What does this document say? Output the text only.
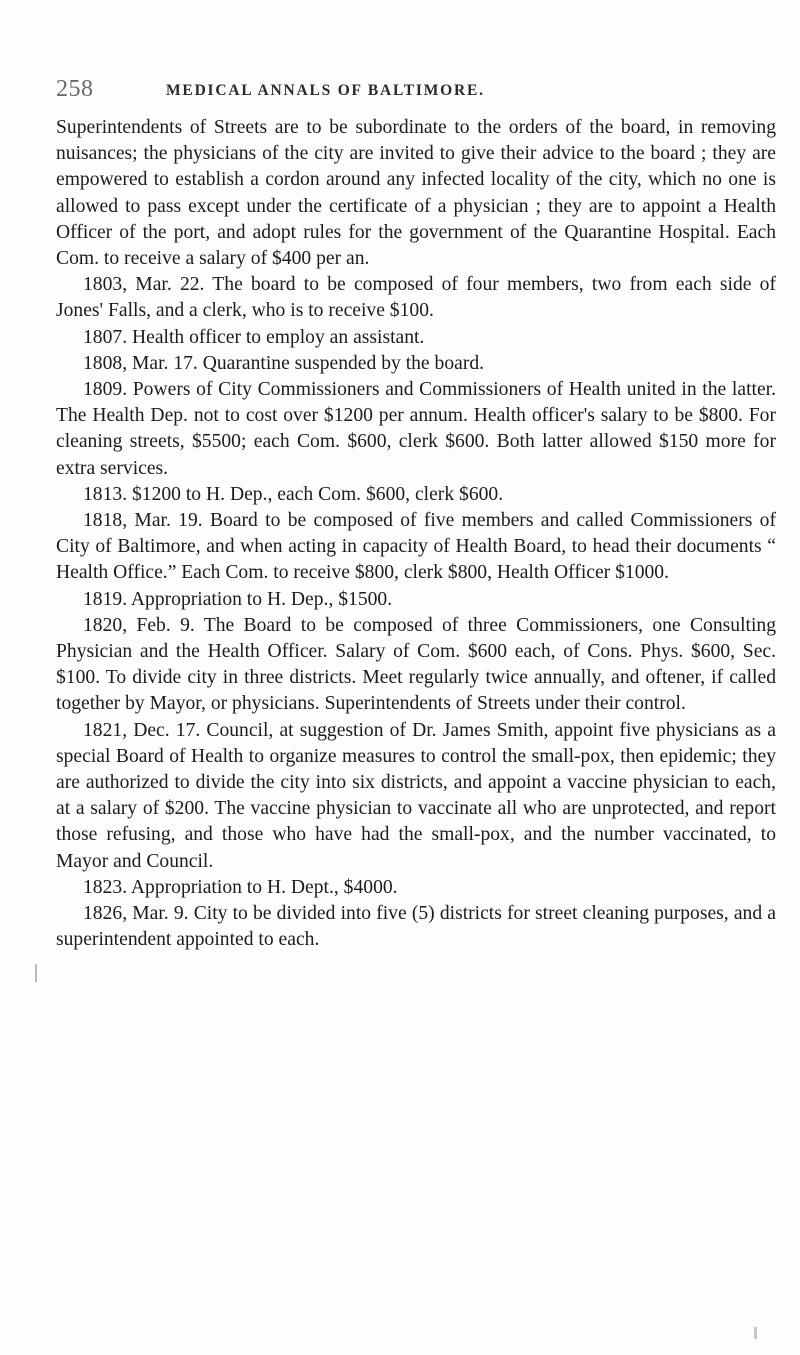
258	MEDICAL ANNALS OF BALTIMORE.

Superintendents of Streets are to be subordinate to the orders of the board, in removing nuisances; the physicians of the city are invited to give their advice to the board ; they are empowered to establish a cordon around any infected locality of the city, which no one is allowed to pass except under the certificate of a physician ; they are to appoint a Health Officer of the port, and adopt rules for the government of the Quarantine Hospital. Each Com. to receive a salary of $400 per an.

1803, Mar. 22. The board to be composed of four members, two from each side of Jones' Falls, and a clerk, who is to receive $100.

1807. Health officer to employ an assistant.

1808, Mar. 17. Quarantine suspended by the board.

1809. Powers of City Commissioners and Commissioners of Health united in the latter. The Health Dep. not to cost over $1200 per annum. Health officer's salary to be $800. For cleaning streets, $5500; each Com. $600, clerk $600. Both latter allowed $150 more for extra services.

1813. $1200 to H. Dep., each Com. $600, clerk $600.

1818, Mar. 19. Board to be composed of five members and called Commissioners of City of Baltimore, and when acting in capacity of Health Board, to head their documents “ Health Office.” Each Com. to receive $800, clerk $800, Health Officer $1000.

1819. Appropriation to H. Dep., $1500.

1820, Feb. 9. The Board to be composed of three Commissioners, one Consulting Physician and the Health Officer. Salary of Com. $600 each, of Cons. Phys. $600, Sec. $100. To divide city in three districts. Meet regularly twice annually, and oftener, if called together by Mayor, or physicians. Superintendents of Streets under their control.

1821, Dec. 17. Council, at suggestion of Dr. James Smith, appoint five physicians as a special Board of Health to organize measures to control the small-pox, then epidemic; they are authorized to divide the city into six districts, and appoint a vaccine physician to each, at a salary of $200. The vaccine physician to vaccinate all who are unprotected, and report those refusing, and those who have had the small-pox, and the number vaccinated, to Mayor and Council.

1823. Appropriation to H. Dept., $4000.

1826, Mar. 9. City to be divided into five (5) districts for street cleaning purposes, and a superintendent appointed to each.
